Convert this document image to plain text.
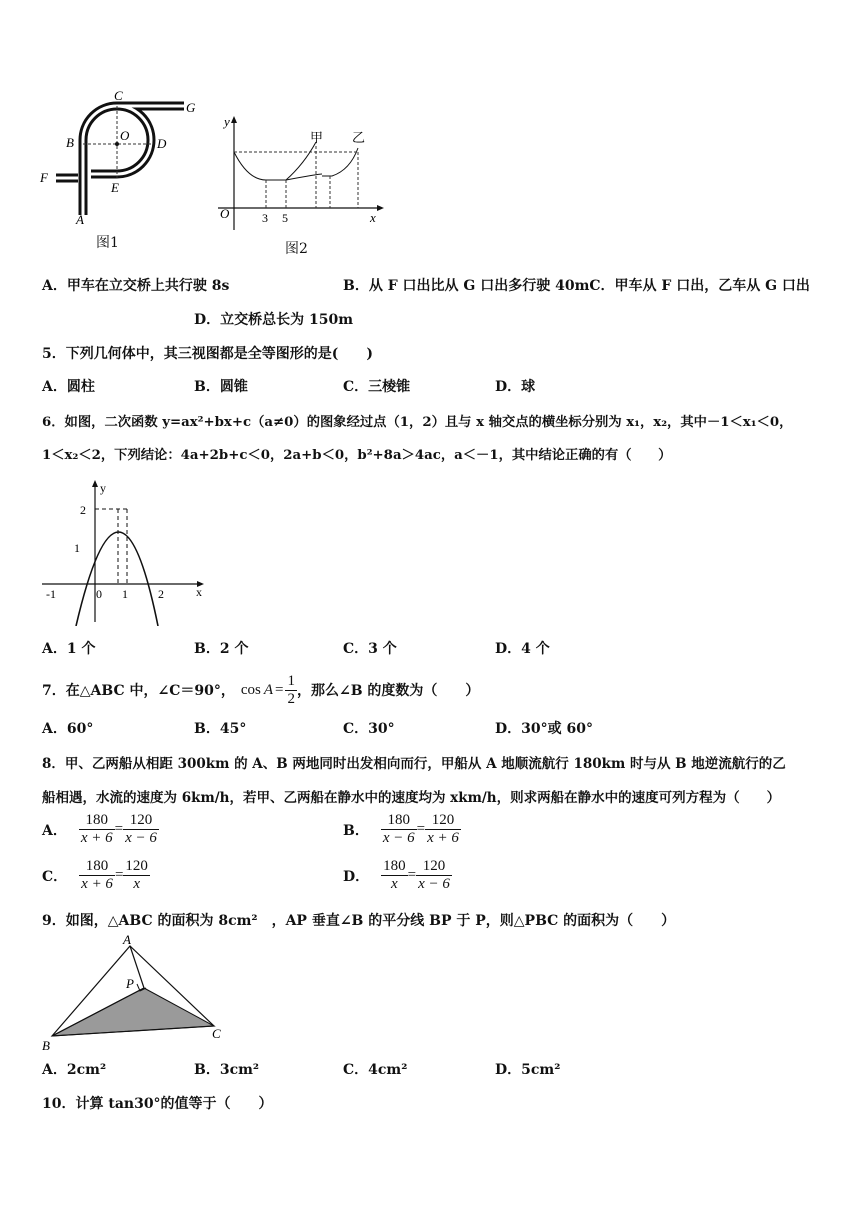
C
G
B	O
D
E
F
A
图1
y
x
O	3 5
甲 乙
图2
A．甲车在立交桥上共行驶 8s	B．从 F 口出比从 G 口出多行驶 40mC．甲车从 F 口出，乙车从 G 口出
D．立交桥总长为 150m
5．下列几何体中，其三视图都是全等图形的是(　　)
A．圆柱	B．圆锥	C．三棱锥	D．球
6．如图，二次函数 y=ax²+bx+c（a≠0）的图象经过点（1，2）且与 x 轴交点的横坐标分别为 x₁，x₂，其中－1＜x₁＜0，
1＜x₂＜2，下列结论：4a+2b+c＜0，2a+b＜0，b²+8a＞4ac，a＜－1，其中结论正确的有（　　）
y
x
-1	0 1	2
1
2
A．1 个	B．2 个	C．3 个	D．4 个
7．在△ABC 中，∠C＝90°， $\cos A = \frac{1}{2}$ ，那么∠B 的度数为（　　）
A．60°	B．45°	C．30°	D．30°或 60°
8．甲、乙两船从相距 300km 的 A、B 两地同时出发相向而行，甲船从 A 地顺流航行 180km 时与从 B 地逆流航行的乙
船相遇，水流的速度为 6km/h，若甲、乙两船在静水中的速度均为 xkm/h，则求两船在静水中的速度可列方程为（　　）
A． $\frac{180}{x + 6} = \frac{120}{x - 6}$	B． $\frac{180}{x - 6} = \frac{120}{x + 6}$
C． $\frac{180}{x + 6} = \frac{120}{x}$	D． $\frac{180}{x} = \frac{120}{x - 6}$
9．如图，△ABC 的面积为 8cm²　，AP 垂直∠B 的平分线 BP 于 P，则△PBC 的面积为（　　）
A
P
B
C
A．2cm²	B．3cm²	C．4cm²	D．5cm²
10．计算 tan30°的值等于（　　）
